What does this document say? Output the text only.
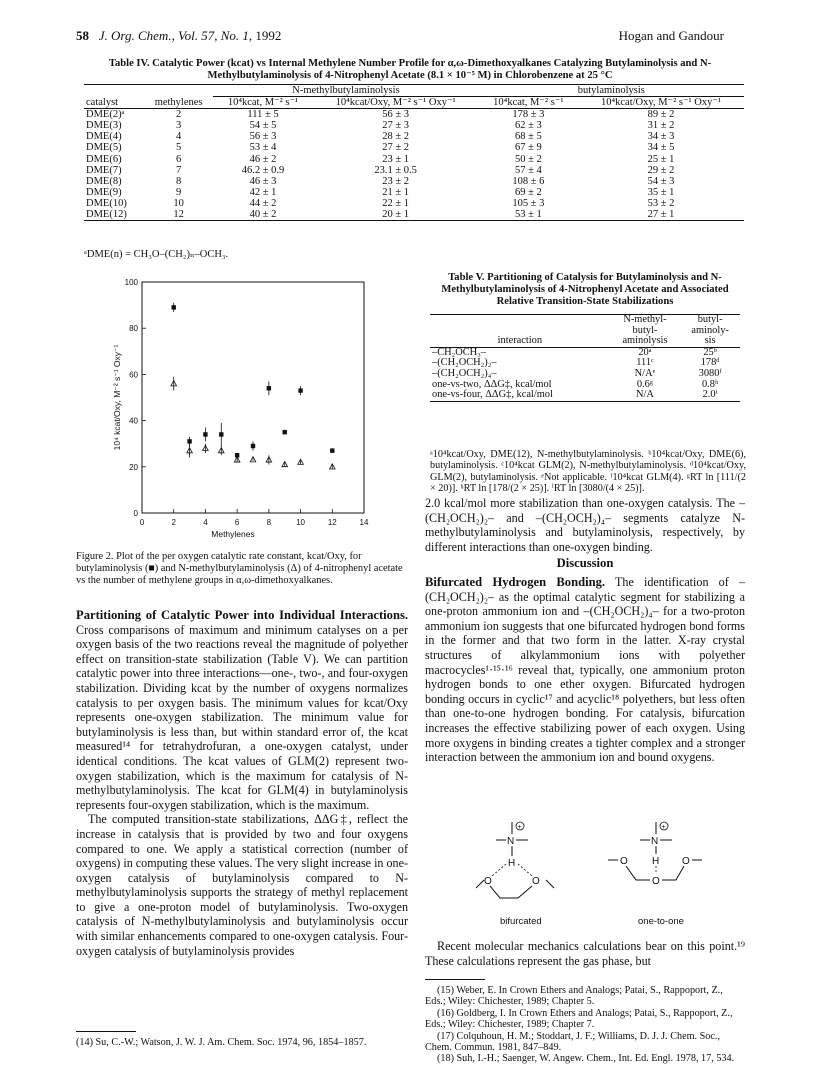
58 J. Org. Chem., Vol. 57, No. 1, 1992	Hogan and Gandour
Table IV. Catalytic Power (kcat) vs Internal Methylene Number Profile for α,ω-Dimethoxyalkanes Catalyzing Butylaminolysis and N-Methylbutylaminolysis of 4-Nitrophenyl Acetate (8.1 × 10⁻⁵ M) in Chlorobenzene at 25 °C
		N-methylbutylaminolysis		butylaminolysis	
catalyst	methylenes	10⁴kcat, M⁻² s⁻¹	10⁴kcat/Oxy, M⁻² s⁻¹ Oxy⁻¹	10⁴kcat, M⁻² s⁻¹	10⁴kcat/Oxy, M⁻² s⁻¹ Oxy⁻¹
DME(2)ᵃ	2	111 ± 5	56 ± 3	178 ± 3	89 ± 2
DME(3)	3	54 ± 5	27 ± 3	62 ± 3	31 ± 2
DME(4)	4	56 ± 3	28 ± 2	68 ± 5	34 ± 3
DME(5)	5	53 ± 4	27 ± 2	67 ± 9	34 ± 5
DME(6)	6	46 ± 2	23 ± 1	50 ± 2	25 ± 1
DME(7)	7	46.2 ± 0.9	23.1 ± 0.5	57 ± 4	29 ± 2
DME(8)	8	46 ± 3	23 ± 2	108 ± 6	54 ± 3
DME(9)	9	42 ± 1	21 ± 1	69 ± 2	35 ± 1
DME(10)	10	44 ± 2	22 ± 1	105 ± 3	53 ± 2
DME(12)	12	40 ± 2	20 ± 1	53 ± 1	27 ± 1
ᵃDME(n) = CH₃O–(CH₂)ₙ–OCH₃.
0	2	4	6	8	10	12	14
0
20
40
60
80
100
Methylenes
10⁴ kcat/Oxy, M⁻² s⁻¹ Oxy⁻¹
Figure 2. Plot of the per oxygen catalytic rate constant, kcat/Oxy, for butylaminolysis (■) and N-methylbutylaminolysis (Δ) of 4-nitrophenyl acetate vs the number of methylene groups in α,ω-dimethoxyalkanes.

Partitioning of Catalytic Power into Individual Interactions. Cross comparisons of maximum and minimum catalyses on a per oxygen basis of the two reactions reveal the magnitude of polyether effect on transition-state stabilization (Table V). We can partition catalytic power into three interactions—one-, two-, and four-oxygen stabilization. Dividing kcat by the number of oxygens normalizes catalysis to per oxygen basis. The minimum values for kcat/Oxy represents one-oxygen stabilization. The minimum value for butylaminolysis is less than, but within standard error of, the kcat measured¹⁴ for tetrahydrofuran, a one-oxygen catalyst, under identical conditions. The kcat values of GLM(2) represent two-oxygen stabilization, which is the maximum for catalysis of N-methylbutylaminolysis. The kcat for GLM(4) in butylaminolysis represents four-oxygen stabilization, which is the maximum.

The computed transition-state stabilizations, ΔΔG‡, reflect the increase in catalysis that is provided by two and four oxygens compared to one. We apply a statistical correction (number of oxygens) in computing these values. The very slight increase in one-oxygen catalysis of butylaminolysis compared to N-methylbutylaminolysis supports the strategy of methyl replacement to give a one-proton model of butylaminolysis. Two-oxygen catalysis of N-methylbutylaminolysis and butylaminolysis occur with similar enhancements compared to one-oxygen catalysis. Four-oxygen catalysis of butylaminolysis provides

(14) Su, C.-W.; Watson, J. W. J. Am. Chem. Soc. 1974, 96, 1854–1857.
Table V. Partitioning of Catalysis for Butylaminolysis and N-Methylbutylaminolysis of 4-Nitrophenyl Acetate and Associated Relative Transition-State Stabilizations
	N-methyl-	butyl-
	butyl-	aminoly-
interaction	aminolysis	sis
–CH₂OCH₃–	20ᵃ	25ᵇ
–(CH₂OCH₂)₂–	111ᶜ	178ᵈ
–(CH₂OCH₂)₄–	N/Aᵉ	3080ᶠ
one-vs-two, ΔΔG‡, kcal/mol	0.6ᵍ	0.8ʰ
one-vs-four, ΔΔG‡, kcal/mol	N/A	2.0ⁱ
ᵃ10⁴kcat/Oxy, DME(12), N-methylbutylaminolysis. ᵇ10⁴kcat/Oxy, DME(6), butylaminolysis. ᶜ10⁴kcat GLM(2), N-methylbutylaminolysis. ᵈ10⁴kcat/Oxy, GLM(2), butylaminolysis. ᵉNot applicable. ᶠ10⁴kcat GLM(4). ᵍRT ln [111/(2 × 20)]. ʰRT ln [178/(2 × 25)]. ⁱRT ln [3080/(4 × 25)].

2.0 kcal/mol more stabilization than one-oxygen catalysis. The –(CH₂OCH₂)₂– and –(CH₂OCH₂)₄– segments catalyze N-methylbutylaminolysis and butylaminolysis, respectively, by different interactions than one-oxygen binding.

Discussion

Bifurcated Hydrogen Bonding. The identification of –(CH₂OCH₂)₂– as the optimal catalytic segment for stabilizing a one-proton ammonium ion and –(CH₂OCH₂)₄– for a two-proton ammonium ion suggests that one bifurcated hydrogen bond forms in the former and that two form in the latter. X-ray crystal structures of alkylammonium ions with polyether macrocycles¹·¹⁵·¹⁶ reveal that, typically, one ammonium proton hydrogen bonds to one ether oxygen. Bifurcated hydrogen bonding occurs in cyclic¹⁷ and acyclic¹⁸ polyethers, but less often than one-to-one hydrogen bonding. For catalysis, bifurcation increases the effective stabilizing power of each oxygen. Using more oxygens in binding creates a tighter complex and a stronger interaction between the ammonium ion and bound oxygens.

+
N
H
O	O
bifurcated
+
N
H
O
O
O
one-to-one
Recent molecular mechanics calculations bear on this point.¹⁹ These calculations represent the gas phase, but

(15) Weber, E. In Crown Ethers and Analogs; Patai, S., Rappoport, Z., Eds.; Wiley: Chichester, 1989; Chapter 5.

(16) Goldberg, I. In Crown Ethers and Analogs; Patai, S., Rappoport, Z., Eds.; Wiley: Chichester, 1989; Chapter 7.

(17) Colquhoun, H. M.; Stoddart, J. F.; Williams, D. J. J. Chem. Soc., Chem. Commun. 1981, 847–849.

(18) Suh, I.-H.; Saenger, W. Angew. Chem., Int. Ed. Engl. 1978, 17, 534.
